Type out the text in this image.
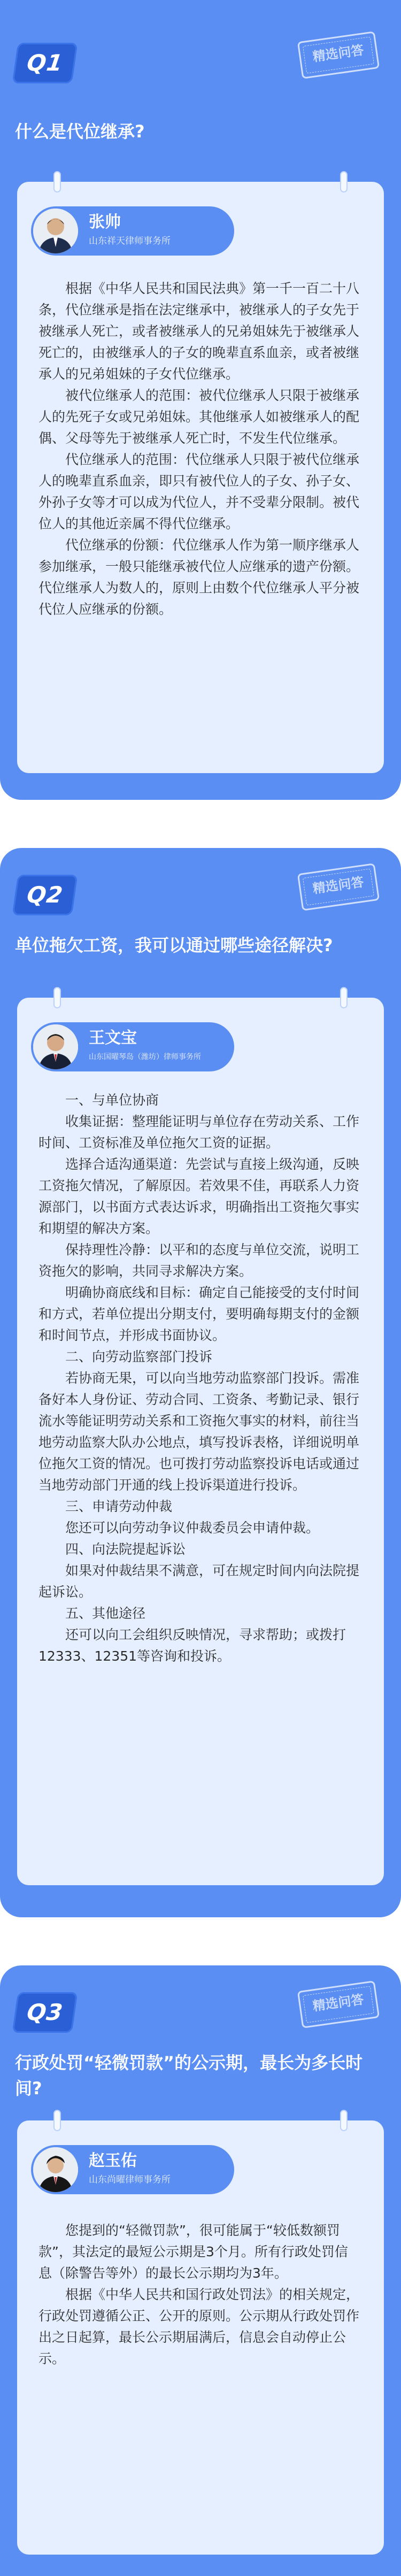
Q1	精选问答
什么是代位继承?
张帅
山东祥天律师事务所

根据《中华人民共和国民法典》第一千一百二十八条，代位继承是指在法定继承中，被继承人的子女先于被继承人死亡，或者被继承人的兄弟姐妹先于被继承人死亡的，由被继承人的子女的晚辈直系血亲，或者被继承人的兄弟姐妹的子女代位继承。

被代位继承人的范围：被代位继承人只限于被继承人的先死子女或兄弟姐妹。其他继承人如被继承人的配偶、父母等先于被继承人死亡时，不发生代位继承。

代位继承人的范围：代位继承人只限于被代位继承人的晚辈直系血亲，即只有被代位人的子女、孙子女、外孙子女等才可以成为代位人，并不受辈分限制。被代位人的其他近亲属不得代位继承。

代位继承的份额：代位继承人作为第一顺序继承人参加继承，一般只能继承被代位人应继承的遗产份额。代位继承人为数人的，原则上由数个代位继承人平分被代位人应继承的份额。

Q2	精选问答
单位拖欠工资，我可以通过哪些途径解决?
王文宝
山东国曜琴岛（潍坊）律师事务所

一、与单位协商

收集证据：整理能证明与单位存在劳动关系、工作时间、工资标准及单位拖欠工资的证据。

选择合适沟通渠道：先尝试与直接上级沟通，反映工资拖欠情况，了解原因。若效果不佳，再联系人力资源部门，以书面方式表达诉求，明确指出工资拖欠事实和期望的解决方案。

保持理性冷静：以平和的态度与单位交流，说明工资拖欠的影响，共同寻求解决方案。

明确协商底线和目标：确定自己能接受的支付时间和方式，若单位提出分期支付，要明确每期支付的金额和时间节点，并形成书面协议。

二、向劳动监察部门投诉

若协商无果，可以向当地劳动监察部门投诉。需准备好本人身份证、劳动合同、工资条、考勤记录、银行流水等能证明劳动关系和工资拖欠事实的材料，前往当地劳动监察大队办公地点，填写投诉表格，详细说明单位拖欠工资的情况。也可拨打劳动监察投诉电话或通过当地劳动部门开通的线上投诉渠道进行投诉。

三、申请劳动仲裁

您还可以向劳动争议仲裁委员会申请仲裁。

四、向法院提起诉讼

如果对仲裁结果不满意，可在规定时间内向法院提起诉讼。

五、其他途径

还可以向工会组织反映情况，寻求帮助；或拨打12333、12351等咨询和投诉。

Q3	精选问答
行政处罚“轻微罚款”的公示期，最长为多长时间?
赵玉佑
山东尚曜律师事务所

您提到的“轻微罚款”，很可能属于“较低数额罚款”，其法定的最短公示期是3个月。所有行政处罚信息（除警告等外）的最长公示期均为3年。

根据《中华人民共和国行政处罚法》的相关规定，行政处罚遵循公正、公开的原则。公示期从行政处罚作出之日起算，最长公示期届满后，信息会自动停止公示。
